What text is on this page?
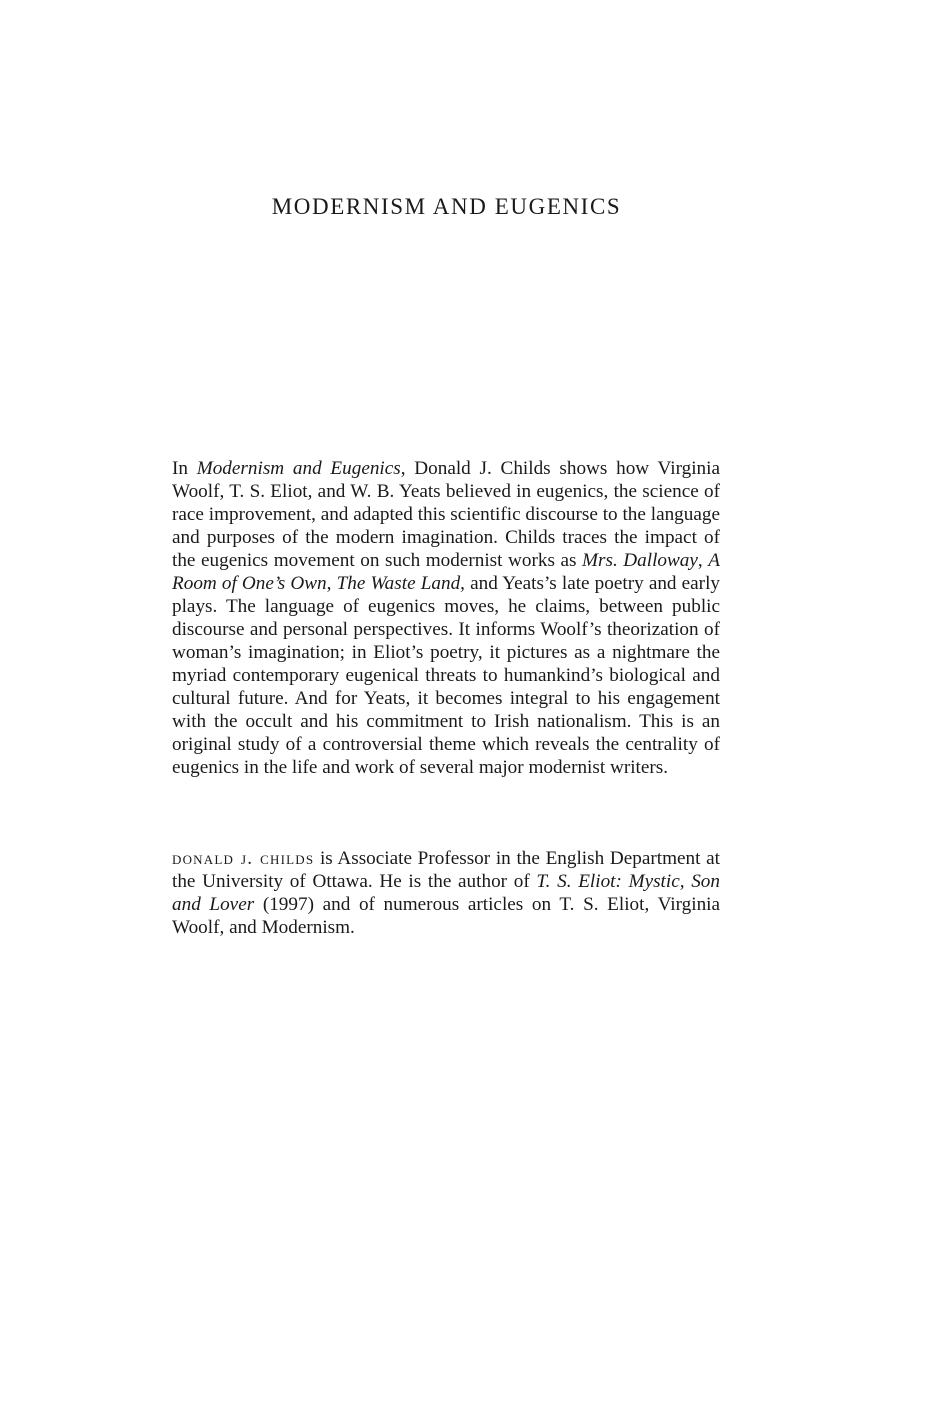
MODERNISM AND EUGENICS

In Modernism and Eugenics, Donald J. Childs shows how Virginia Woolf, T. S. Eliot, and W. B. Yeats believed in eugenics, the science of race improvement, and adapted this scientific discourse to the language and purposes of the modern imagination. Childs traces the impact of the eugenics movement on such modernist works as Mrs. Dalloway, A Room of One’s Own, The Waste Land, and Yeats’s late poetry and early plays. The language of eugenics moves, he claims, between public discourse and personal perspectives. It informs Woolf’s theorization of woman’s imagination; in Eliot’s poetry, it pictures as a nightmare the myriad contemporary eugenical threats to humankind’s biological and cultural future. And for Yeats, it becomes integral to his engagement with the occult and his commitment to Irish nationalism. This is an original study of a controversial theme which reveals the centrality of eugenics in the life and work of several major modernist writers.

donald j. childs is Associate Professor in the English Department at the University of Ottawa. He is the author of T. S. Eliot: Mystic, Son and Lover (1997) and of numerous articles on T. S. Eliot, Virginia Woolf, and Modernism.
